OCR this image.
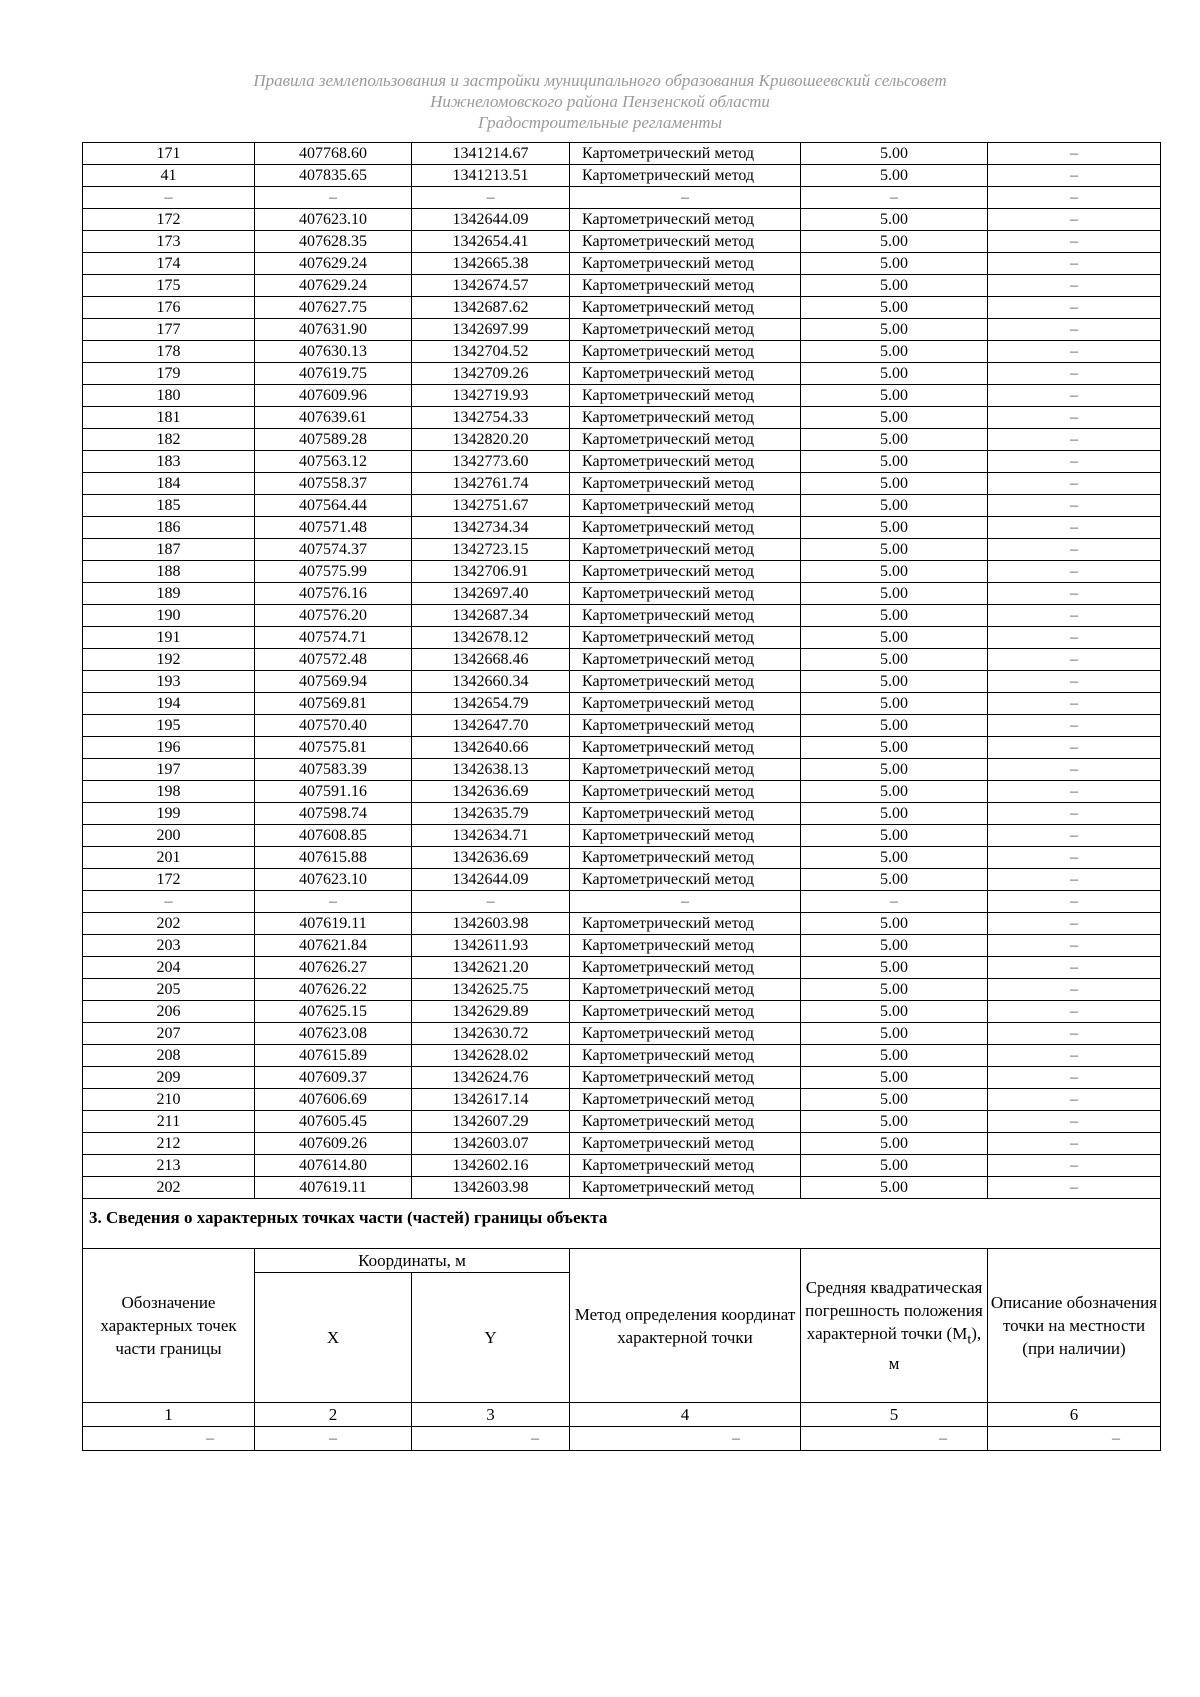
Правила землепользования и застройки муниципального образования Кривошеевский сельсовет
Нижнеломовского района Пензенской области
Градостроительные регламенты
171	407768.60	1341214.67	Картометрический метод	5.00	–
41	407835.65	1341213.51	Картометрический метод	5.00	–
–	–	–	–	–	–
172	407623.10	1342644.09	Картометрический метод	5.00	–
173	407628.35	1342654.41	Картометрический метод	5.00	–
174	407629.24	1342665.38	Картометрический метод	5.00	–
175	407629.24	1342674.57	Картометрический метод	5.00	–
176	407627.75	1342687.62	Картометрический метод	5.00	–
177	407631.90	1342697.99	Картометрический метод	5.00	–
178	407630.13	1342704.52	Картометрический метод	5.00	–
179	407619.75	1342709.26	Картометрический метод	5.00	–
180	407609.96	1342719.93	Картометрический метод	5.00	–
181	407639.61	1342754.33	Картометрический метод	5.00	–
182	407589.28	1342820.20	Картометрический метод	5.00	–
183	407563.12	1342773.60	Картометрический метод	5.00	–
184	407558.37	1342761.74	Картометрический метод	5.00	–
185	407564.44	1342751.67	Картометрический метод	5.00	–
186	407571.48	1342734.34	Картометрический метод	5.00	–
187	407574.37	1342723.15	Картометрический метод	5.00	–
188	407575.99	1342706.91	Картометрический метод	5.00	–
189	407576.16	1342697.40	Картометрический метод	5.00	–
190	407576.20	1342687.34	Картометрический метод	5.00	–
191	407574.71	1342678.12	Картометрический метод	5.00	–
192	407572.48	1342668.46	Картометрический метод	5.00	–
193	407569.94	1342660.34	Картометрический метод	5.00	–
194	407569.81	1342654.79	Картометрический метод	5.00	–
195	407570.40	1342647.70	Картометрический метод	5.00	–
196	407575.81	1342640.66	Картометрический метод	5.00	–
197	407583.39	1342638.13	Картометрический метод	5.00	–
198	407591.16	1342636.69	Картометрический метод	5.00	–
199	407598.74	1342635.79	Картометрический метод	5.00	–
200	407608.85	1342634.71	Картометрический метод	5.00	–
201	407615.88	1342636.69	Картометрический метод	5.00	–
172	407623.10	1342644.09	Картометрический метод	5.00	–
–	–	–	–	–	–
202	407619.11	1342603.98	Картометрический метод	5.00	–
203	407621.84	1342611.93	Картометрический метод	5.00	–
204	407626.27	1342621.20	Картометрический метод	5.00	–
205	407626.22	1342625.75	Картометрический метод	5.00	–
206	407625.15	1342629.89	Картометрический метод	5.00	–
207	407623.08	1342630.72	Картометрический метод	5.00	–
208	407615.89	1342628.02	Картометрический метод	5.00	–
209	407609.37	1342624.76	Картометрический метод	5.00	–
210	407606.69	1342617.14	Картометрический метод	5.00	–
211	407605.45	1342607.29	Картометрический метод	5.00	–
212	407609.26	1342603.07	Картометрический метод	5.00	–
213	407614.80	1342602.16	Картометрический метод	5.00	–
202	407619.11	1342603.98	Картометрический метод	5.00	–
3. Сведения о характерных точках части (частей) границы объекта					
Обозначение характерных точек части границы	Координаты, м		Метод определения координат характерной точки	Средняя квадратическая погрешность положения характерной точки $(M_t)$, м	Описание обозначения точки на местности (при наличии)
	X	Y			
1	2	3	4	5	6
–	–	–	–	–	–
